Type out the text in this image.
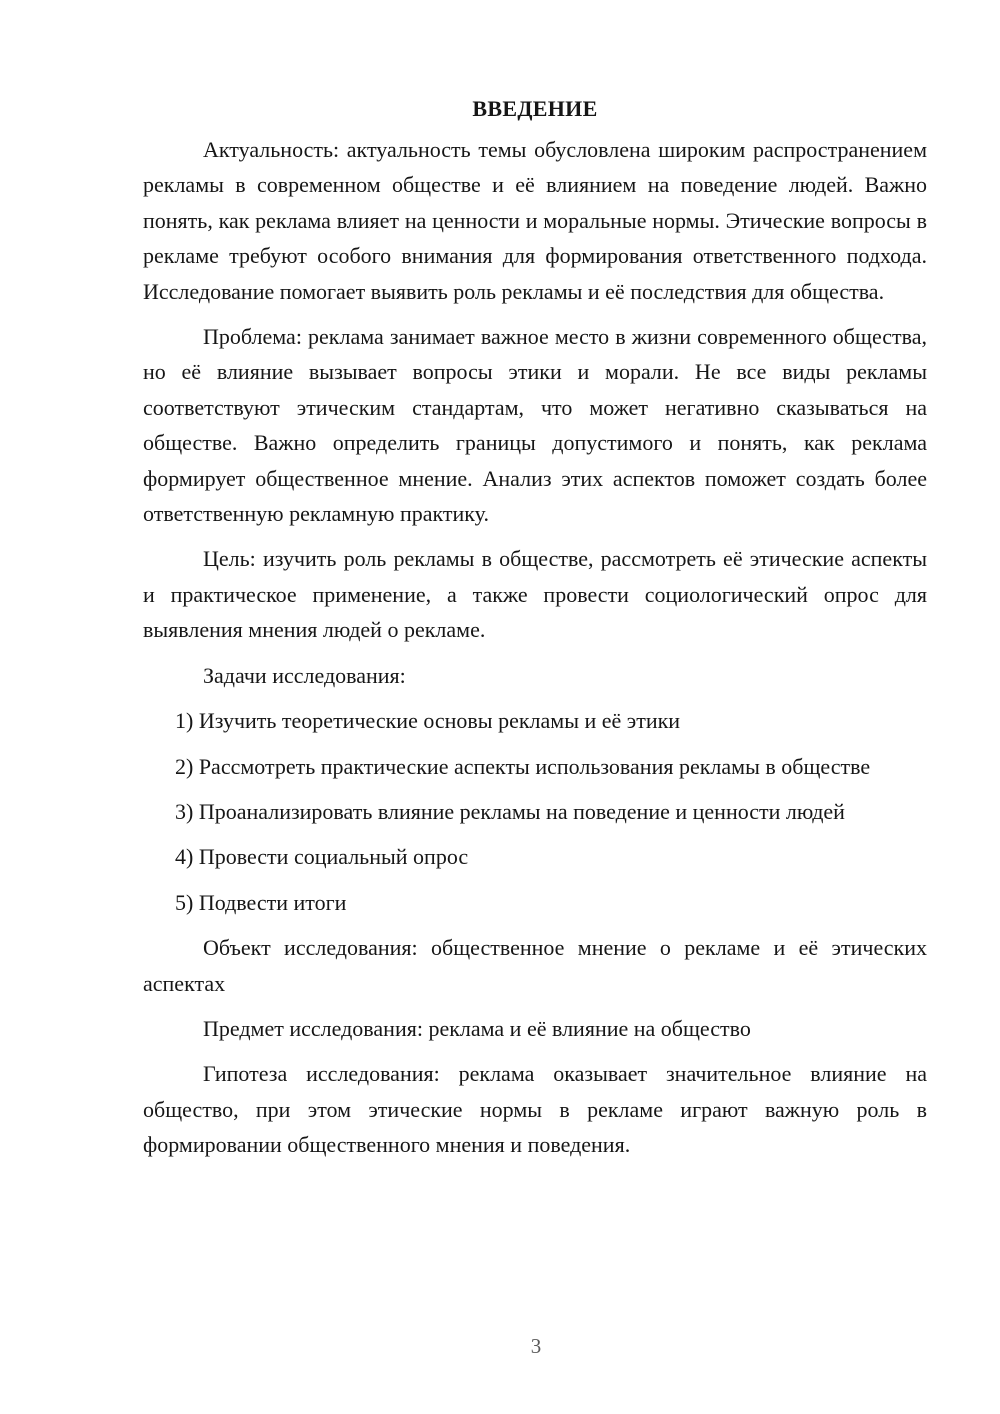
ВВЕДЕНИЕ

Актуальность: актуальность темы обусловлена широким распространением рекламы в современном обществе и её влиянием на поведение людей. Важно понять, как реклама влияет на ценности и моральные нормы. Этические вопросы в рекламе требуют особого внимания для формирования ответственного подхода. Исследование помогает выявить роль рекламы и её последствия для общества.

Проблема: реклама занимает важное место в жизни современного общества, но её влияние вызывает вопросы этики и морали. Не все виды рекламы соответствуют этическим стандартам, что может негативно сказываться на обществе. Важно определить границы допустимого и понять, как реклама формирует общественное мнение. Анализ этих аспектов поможет создать более ответственную рекламную практику.

Цель: изучить роль рекламы в обществе, рассмотреть её этические аспекты и практическое применение, а также провести социологический опрос для выявления мнения людей о рекламе.

Задачи исследования:

1) Изучить теоретические основы рекламы и её этики

2) Рассмотреть практические аспекты использования рекламы в обществе

3) Проанализировать влияние рекламы на поведение и ценности людей

4) Провести социальный опрос

5) Подвести итоги

Объект исследования: общественное мнение о рекламе и её этических аспектах

Предмет исследования: реклама и её влияние на общество

Гипотеза исследования: реклама оказывает значительное влияние на общество, при этом этические нормы в рекламе играют важную роль в формировании общественного мнения и поведения.

3
